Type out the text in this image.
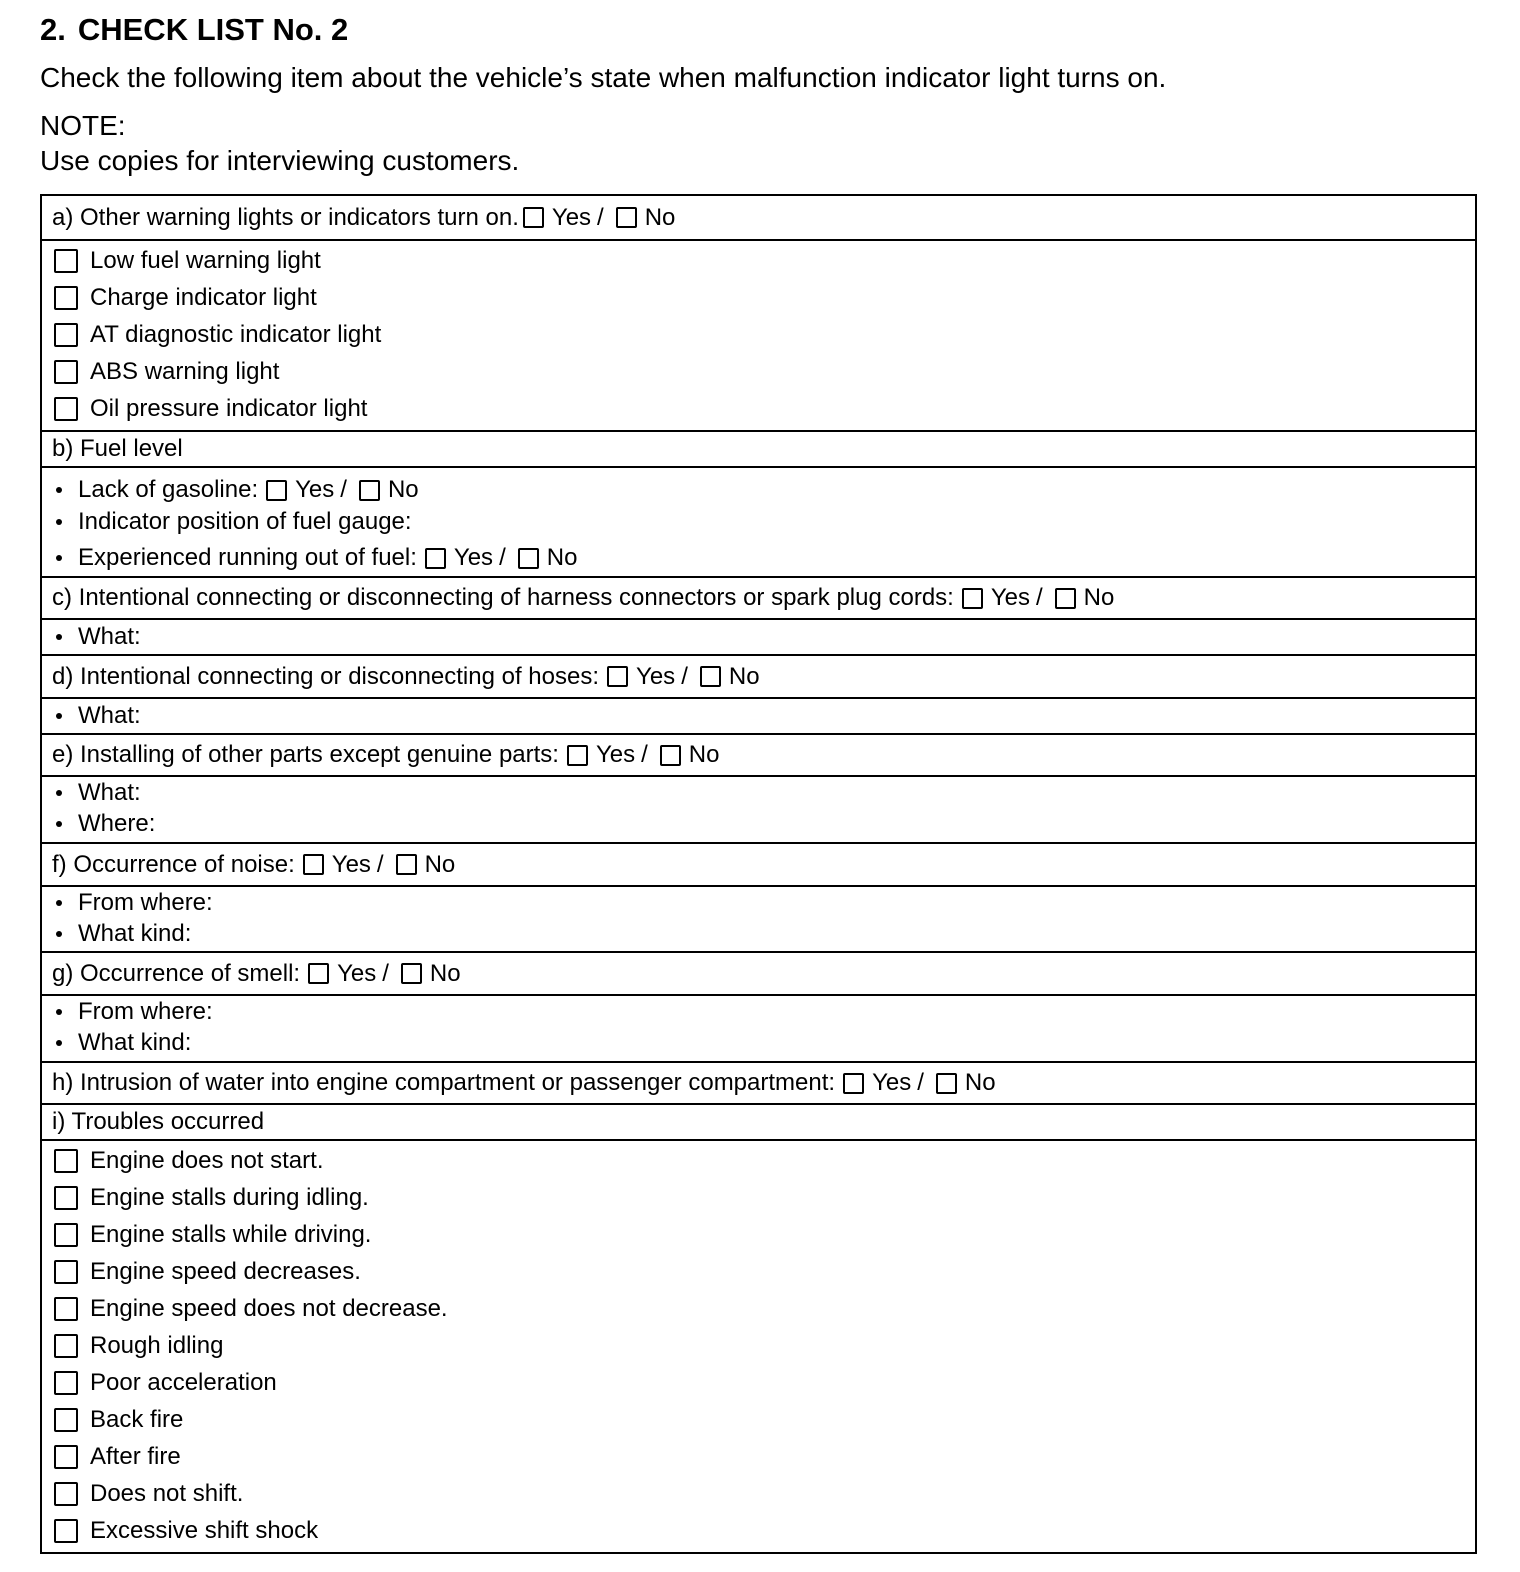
2. CHECK LIST No. 2

Check the following item about the vehicle’s state when malfunction indicator light turns on.

NOTE:

Use copies for interviewing customers.

a) Other warning lights or indicators turn on. Yes / No
Low fuel warning light
Charge indicator light
AT diagnostic indicator light
ABS warning light
Oil pressure indicator light
b) Fuel level
Lack of gasoline: Yes / No
Indicator position of fuel gauge:
Experienced running out of fuel: Yes / No
c) Intentional connecting or disconnecting of harness connectors or spark plug cords: Yes / No
What:
d) Intentional connecting or disconnecting of hoses: Yes / No
What:
e) Installing of other parts except genuine parts: Yes / No
What:
Where:
f) Occurrence of noise: Yes / No
From where:
What kind:
g) Occurrence of smell: Yes / No
From where:
What kind:
h) Intrusion of water into engine compartment or passenger compartment: Yes / No
i) Troubles occurred
Engine does not start.
Engine stalls during idling.
Engine stalls while driving.
Engine speed decreases.
Engine speed does not decrease.
Rough idling
Poor acceleration
Back fire
After fire
Does not shift.
Excessive shift shock
